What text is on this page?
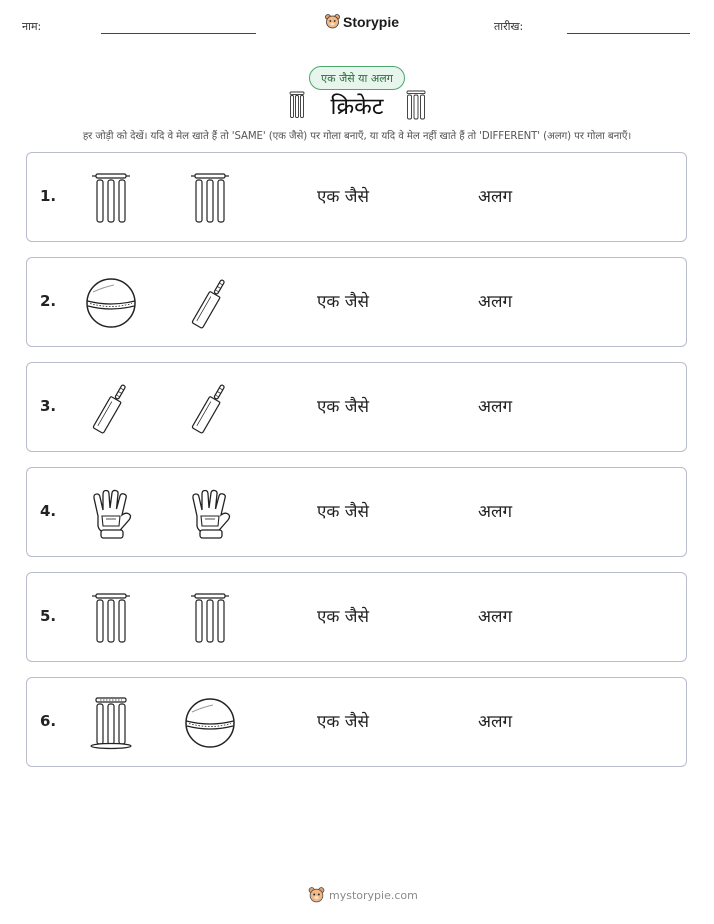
नाम:	Storypie	तारीख:
एक जैसे या अलग
क्रिकेट
हर जोड़ी को देखें। यदि वे मेल खाते हैं तो 'SAME' (एक जैसे) पर गोला बनाएँ, या यदि वे मेल नहीं खाते हैं तो 'DIFFERENT' (अलग) पर गोला बनाएँ।
1.	एक जैसे	अलग
2.	एक जैसे	अलग
3.	एक जैसे	अलग
4.	एक जैसे	अलग
5.	एक जैसे	अलग
6.	एक जैसे	अलग
mystorypie.com
